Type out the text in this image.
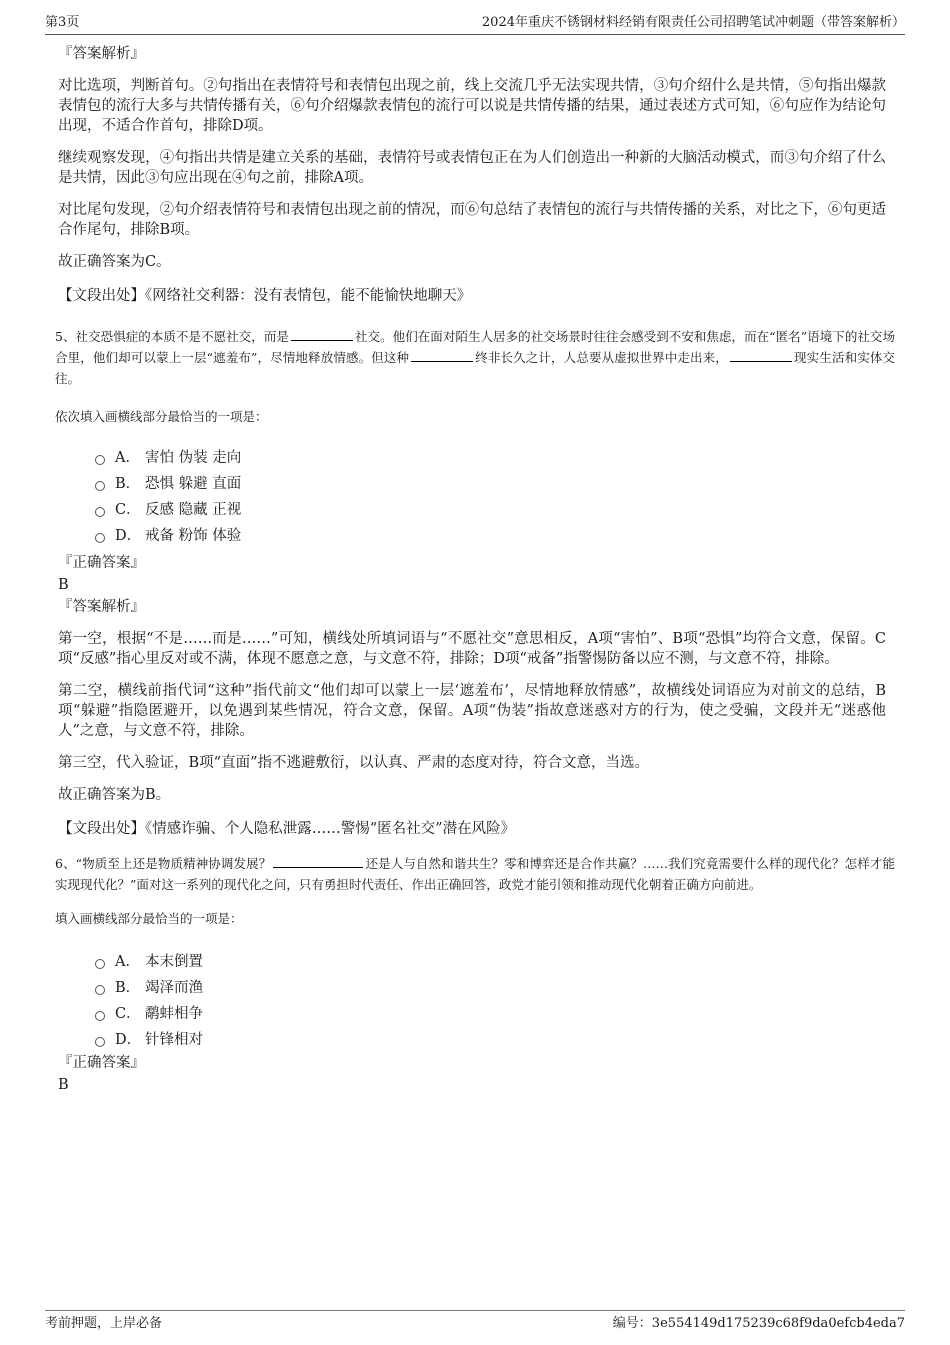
第3页	2024年重庆不锈钢材料经销有限责任公司招聘笔试冲刺题（带答案解析）
『答案解析』
对比选项，判断首句。②句指出在表情符号和表情包出现之前，线上交流几乎无法实现共情，③句介绍什么是共情，⑤句指出爆款表情包的流行大多与共情传播有关，⑥句介绍爆款表情包的流行可以说是共情传播的结果，通过表述方式可知，⑥句应作为结论句出现，不适合作首句，排除D项。
继续观察发现，④句指出共情是建立关系的基础，表情符号或表情包正在为人们创造出一种新的大脑活动模式，而③句介绍了什么是共情，因此③句应出现在④句之前，排除A项。
对比尾句发现，②句介绍表情符号和表情包出现之前的情况，而⑥句总结了表情包的流行与共情传播的关系，对比之下，⑥句更适合作尾句，排除B项。
故正确答案为C。
【文段出处】《网络社交利器：没有表情包，能不能愉快地聊天》
5、社交恐惧症的本质不是不愿社交，而是	社交。他们在面对陌生人居多的社交场景时往往会感受到不安和焦虑，而在“匿名”语境下的社交场合里，他们却可以蒙上一层“遮羞布”，尽情地释放情感。但这种	终非长久之计，人总要从虚拟世界中走出来，	现实生活和实体交往。
依次填入画横线部分最恰当的一项是：
A． 害怕 伪装 走向
B． 恐惧 躲避 直面
C． 反感 隐藏 正视
D． 戒备 粉饰 体验
『正确答案』
B
『答案解析』
第一空，根据“不是……而是……”可知，横线处所填词语与“不愿社交”意思相反，A项“害怕”、B项“恐惧”均符合文意，保留。C项“反感”指心里反对或不满，体现不愿意之意，与文意不符，排除；D项“戒备”指警惕防备以应不测，与文意不符，排除。
第二空，横线前指代词“这种”指代前文“他们却可以蒙上一层‘遮羞布’，尽情地释放情感”，故横线处词语应为对前文的总结，B项“躲避”指隐匿避开，以免遇到某些情况，符合文意，保留。A项“伪装”指故意迷惑对方的行为，使之受骗，文段并无“迷惑他人”之意，与文意不符，排除。
第三空，代入验证，B项“直面”指不逃避敷衍，以认真、严肃的态度对待，符合文意，当选。
故正确答案为B。
【文段出处】《情感诈骗、个人隐私泄露……警惕“匿名社交”潜在风险》
6、“物质至上还是物质精神协调发展？	还是人与自然和谐共生？零和博弈还是合作共赢？……我们究竟需要什么样的现代化？怎样才能实现现代化？”面对这一系列的现代化之问，只有勇担时代责任、作出正确回答，政党才能引领和推动现代化朝着正确方向前进。
填入画横线部分最恰当的一项是：
A． 本末倒置
B． 竭泽而渔
C． 鹬蚌相争
D． 针锋相对
『正确答案』
B
考前押题，上岸必备	编号：3e554149d175239c68f9da0efcb4eda7
